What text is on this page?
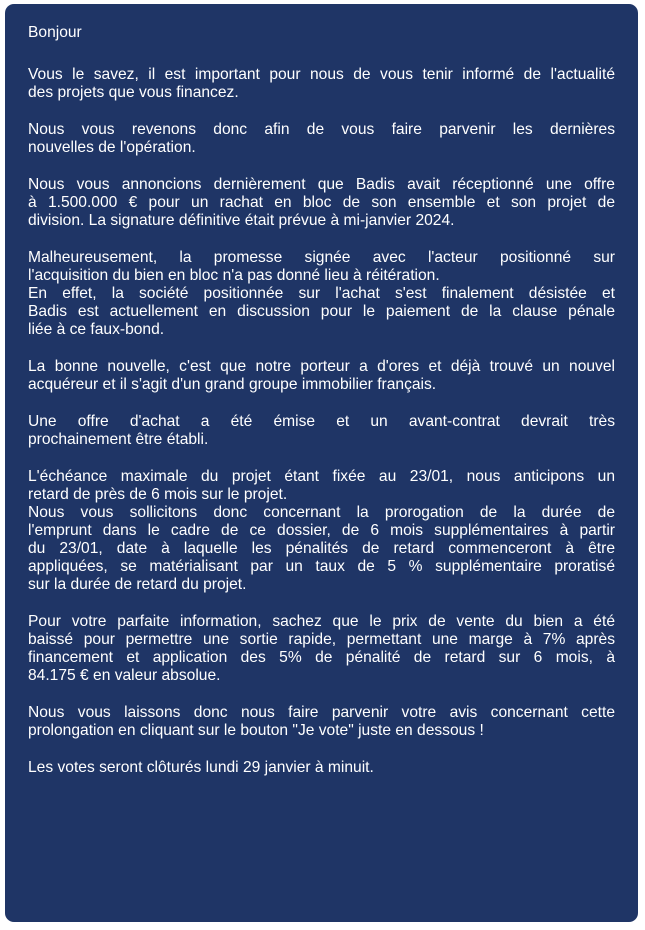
Bonjour

Vous le savez, il est important pour nous de vous tenir informé de l'actualité
des projets que vous financez.

Nous vous revenons donc afin de vous faire parvenir les dernières
nouvelles de l'opération.

Nous vous annoncions dernièrement que Badis avait réceptionné une offre
à 1.500.000 € pour un rachat en bloc de son ensemble et son projet de
division. La signature définitive était prévue à mi-janvier 2024.

Malheureusement, la promesse signée avec l'acteur positionné sur
l'acquisition du bien en bloc n'a pas donné lieu à réitération.
En effet, la société positionnée sur l'achat s'est finalement désistée et
Badis est actuellement en discussion pour le paiement de la clause pénale
liée à ce faux-bond.

La bonne nouvelle, c'est que notre porteur a d'ores et déjà trouvé un nouvel
acquéreur et il s'agit d'un grand groupe immobilier français.

Une offre d'achat a été émise et un avant-contrat devrait très
prochainement être établi.

L'échéance maximale du projet étant fixée au 23/01, nous anticipons un
retard de près de 6 mois sur le projet.
Nous vous sollicitons donc concernant la prorogation de la durée de
l'emprunt dans le cadre de ce dossier, de 6 mois supplémentaires à partir
du 23/01, date à laquelle les pénalités de retard commenceront à être
appliquées, se matérialisant par un taux de 5 % supplémentaire proratisé
sur la durée de retard du projet.

Pour votre parfaite information, sachez que le prix de vente du bien a été
baissé pour permettre une sortie rapide, permettant une marge à 7% après
financement et application des 5% de pénalité de retard sur 6 mois, à
84.175 € en valeur absolue.

Nous vous laissons donc nous faire parvenir votre avis concernant cette
prolongation en cliquant sur le bouton "Je vote" juste en dessous !

Les votes seront clôturés lundi 29 janvier à minuit.
